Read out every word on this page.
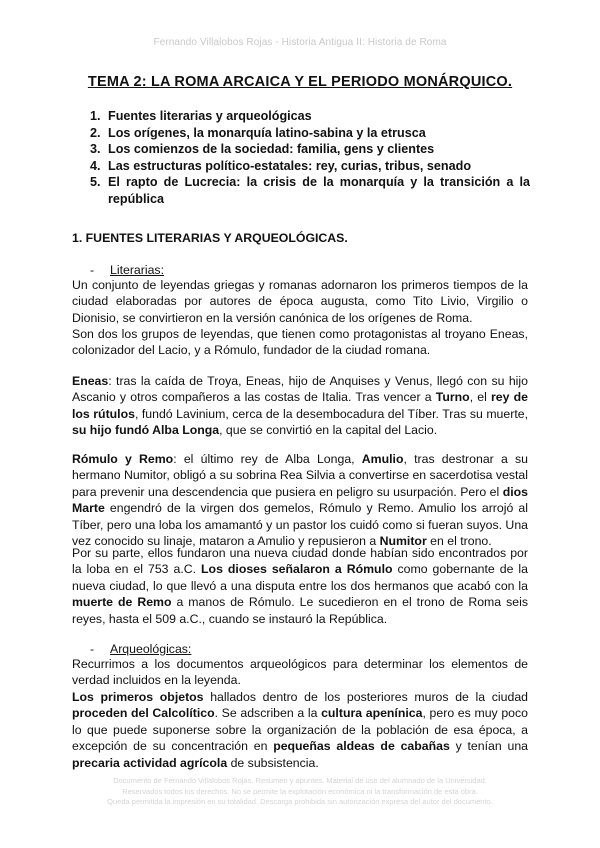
Fernando Villalobos Rojas - Historia Antigua II: Historia de Roma
TEMA 2: LA ROMA ARCAICA Y EL PERIODO MONÁRQUICO.
1. Fuentes literarias y arqueológicas
2. Los orígenes, la monarquía latino-sabina y la etrusca
3. Los comienzos de la sociedad: familia, gens y clientes
4. Las estructuras político-estatales: rey, curias, tribus, senado
5. El rapto de Lucrecia: la crisis de la monarquía y la transición a la república
1. FUENTES LITERARIAS Y ARQUEOLÓGICAS.
-	Literarias:
Un conjunto de leyendas griegas y romanas adornaron los primeros tiempos de la ciudad elaboradas por autores de época augusta, como Tito Livio, Virgilio o Dionisio, se convirtieron en la versión canónica de los orígenes de Roma.
Son dos los grupos de leyendas, que tienen como protagonistas al troyano Eneas, colonizador del Lacio, y a Rómulo, fundador de la ciudad romana.
Eneas: tras la caída de Troya, Eneas, hijo de Anquises y Venus, llegó con su hijo Ascanio y otros compañeros a las costas de Italia. Tras vencer a Turno, el rey de los rútulos, fundó Lavinium, cerca de la desembocadura del Tíber. Tras su muerte, su hijo fundó Alba Longa, que se convirtió en la capital del Lacio.
Rómulo y Remo: el último rey de Alba Longa, Amulio, tras destronar a su hermano Numitor, obligó a su sobrina Rea Silvia a convertirse en sacerdotisa vestal para prevenir una descendencia que pusiera en peligro su usurpación. Pero el dios Marte engendró de la virgen dos gemelos, Rómulo y Remo. Amulio los arrojó al Tíber, pero una loba los amamantó y un pastor los cuidó como si fueran suyos. Una vez conocido su linaje, mataron a Amulio y repusieron a Numitor en el trono.
Por su parte, ellos fundaron una nueva ciudad donde habían sido encontrados por la loba en el 753 a.C. Los dioses señalaron a Rómulo como gobernante de la nueva ciudad, lo que llevó a una disputa entre los dos hermanos que acabó con la muerte de Remo a manos de Rómulo. Le sucedieron en el trono de Roma seis reyes, hasta el 509 a.C., cuando se instauró la República.
-	Arqueológicas:
Recurrimos a los documentos arqueológicos para determinar los elementos de verdad incluidos en la leyenda.
Los primeros objetos hallados dentro de los posteriores muros de la ciudad proceden del Calcolítico. Se adscriben a la cultura apenínica, pero es muy poco lo que puede suponerse sobre la organización de la población de esa época, a excepción de su concentración en pequeñas aldeas de cabañas y tenían una precaria actividad agrícola de subsistencia.
Documento de Fernando Villalobos Rojas. Resumen y apuntes. Material de uso del alumnado de la Universidad.
Reservados todos los derechos. No se permite la explotación económica ni la transformación de esta obra.
Queda permitida la impresión en su totalidad. Descarga prohibida sin autorización expresa del autor del documento.
